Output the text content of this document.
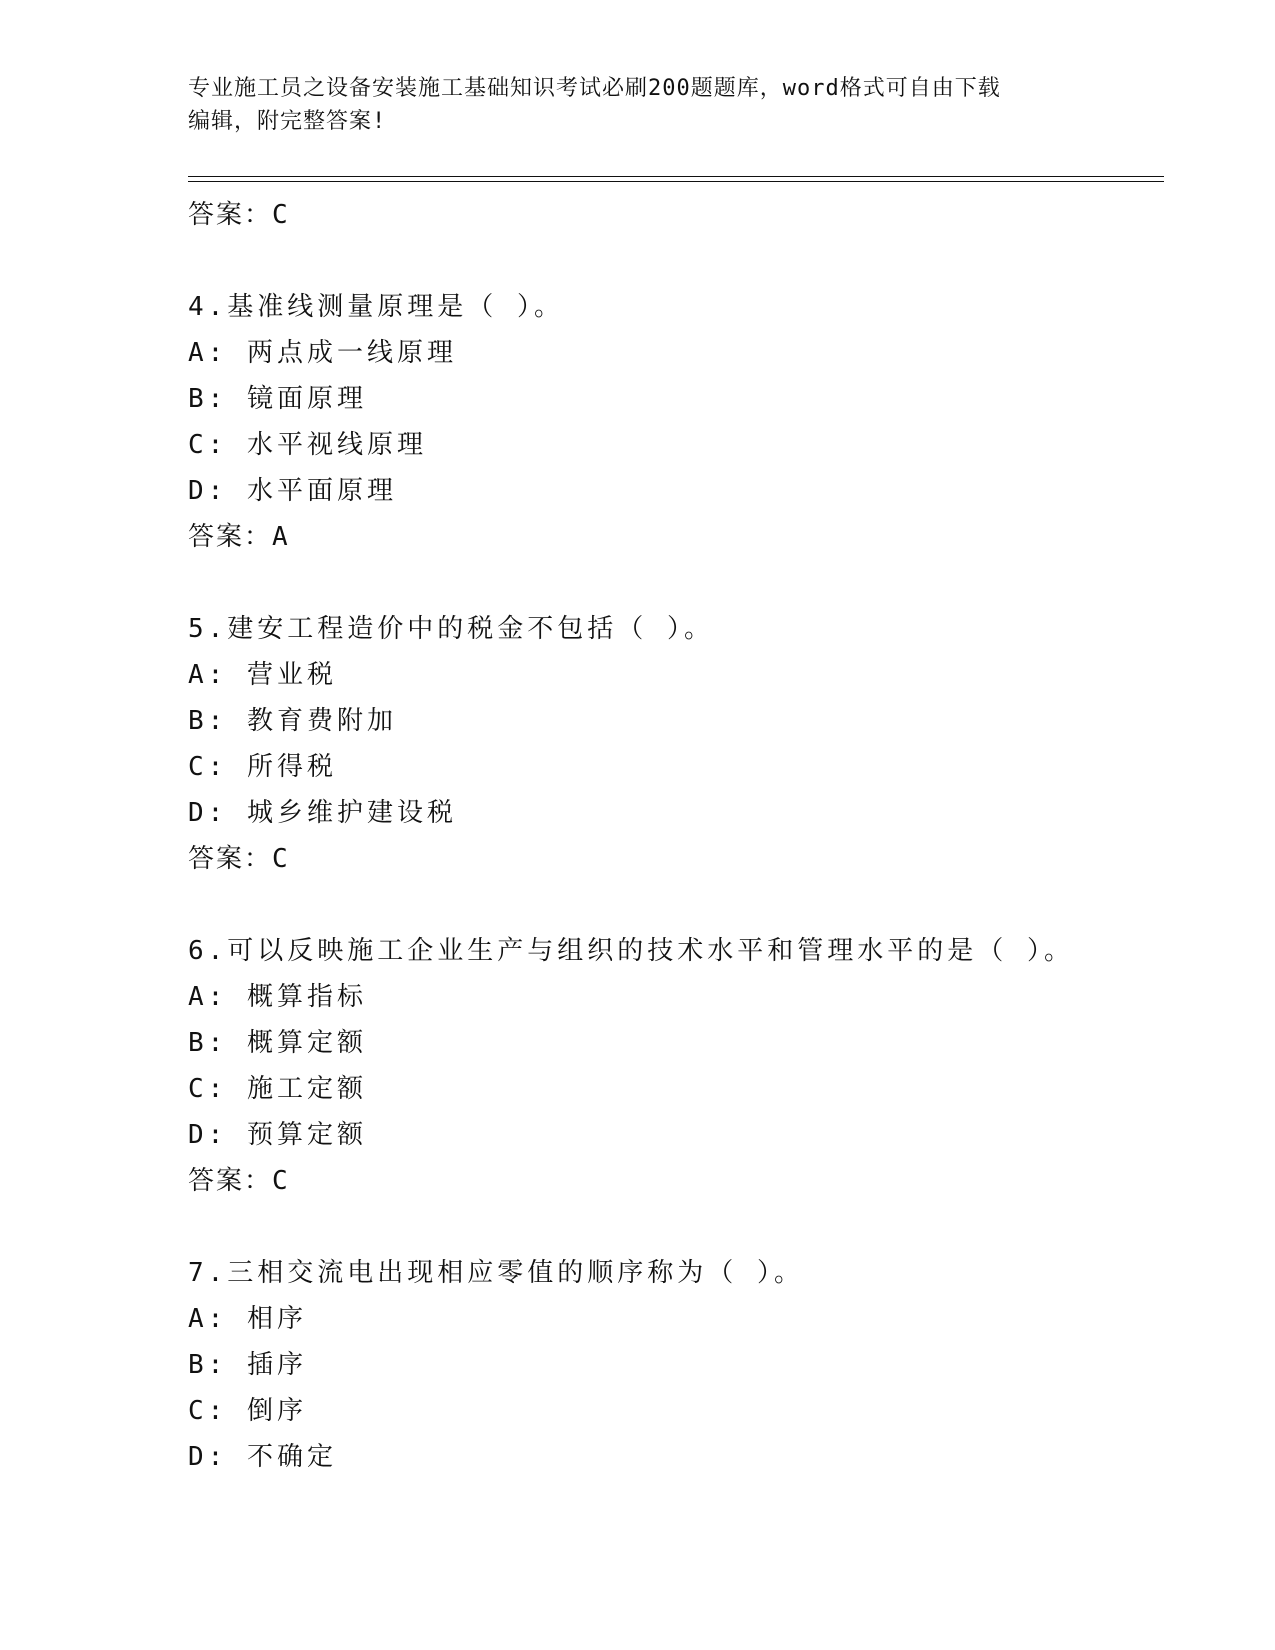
专业施工员之设备安装施工基础知识考试必刷200题题库，word格式可自由下载
编辑，附完整答案!
答案：C
4.基准线测量原理是（ ）。
A: 两点成一线原理
B: 镜面原理
C: 水平视线原理
D: 水平面原理
答案：A
5.建安工程造价中的税金不包括（ ）。
A: 营业税
B: 教育费附加
C: 所得税
D: 城乡维护建设税
答案：C
6.可以反映施工企业生产与组织的技术水平和管理水平的是（ ）。
A: 概算指标
B: 概算定额
C: 施工定额
D: 预算定额
答案：C
7.三相交流电出现相应零值的顺序称为（ ）。
A: 相序
B: 插序
C: 倒序
D: 不确定
